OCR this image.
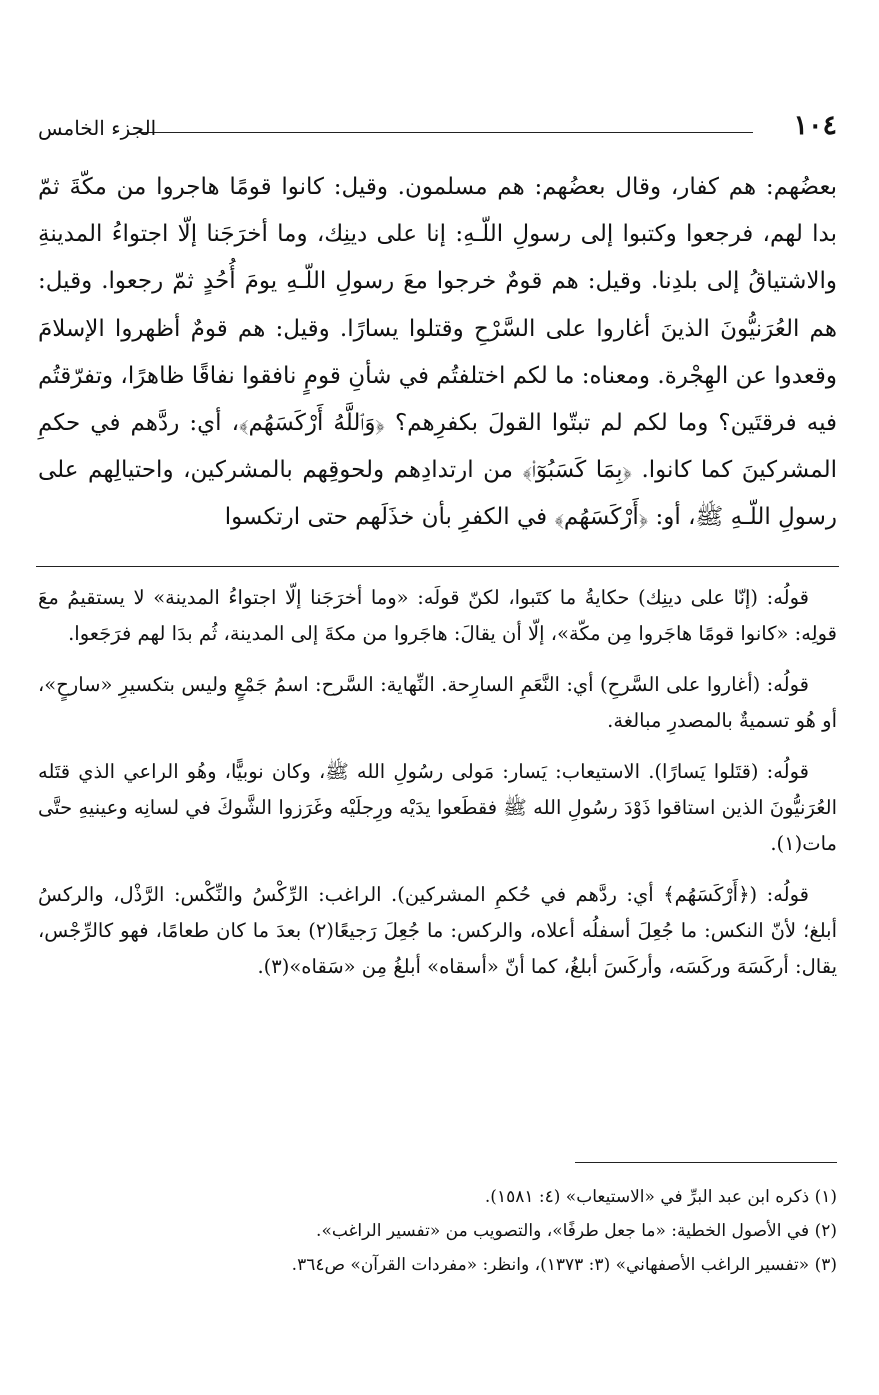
١٠٤
الجزء الخامس

بعضُهم: هم كفار، وقال بعضُهم: هم مسلمون. وقيل: كانوا قومًا هاجروا من مكّةَ ثمّ بدا لهم، فرجعوا وكتبوا إلى رسولِ اللّـهِ: إنا على دينِك، وما أخرَجَنا إلّا اجتواءُ المدينةِ والاشتياقُ إلى بلدِنا. وقيل: هم قومٌ خرجوا معَ رسولِ اللّـهِ يومَ أُحُدٍ ثمّ رجعوا. وقيل: هم العُرَنيُّونَ الذينَ أغاروا على السَّرْحِ وقتلوا يسارًا. وقيل: هم قومٌ أظهروا الإسلامَ وقعدوا عن الهِجْرة. ومعناه: ما لكم اختلفتُم في شأنِ قومٍ نافقوا نفاقًا ظاهرًا، وتفرّقتُم فيه فرقتَين؟ وما لكم لم تبتّوا القولَ بكفرِهم؟ ﴿وَٱللَّهُ أَرْكَسَهُم﴾، أي: ردَّهم في حكمِ المشركينَ كما كانوا. ﴿بِمَا كَسَبُوٓا۟﴾ من ارتدادِهم ولحوقِهم بالمشركين، واحتيالِهم على رسولِ اللّـهِ ﷺ، أو: ﴿أَرْكَسَهُم﴾ في الكفرِ بأن خذَلَهم حتى ارتكسوا

قولُه: (إنّا على دينِك) حكايةُ ما كتَبوا، لكنّ قولَه: «وما أخرَجَنا إلّا اجتواءُ المدينة» لا يستقيمُ معَ قولِه: «كانوا قومًا هاجَروا مِن مكّة»، إلّا أن يقالَ: هاجَروا من مكةَ إلى المدينة، ثُم بدَا لهم فرَجَعوا.

قولُه: (أغاروا على السَّرحِ) أي: النَّعَمِ السارِحة. النِّهاية: السَّرح: اسمُ جَمْعٍ وليس بتكسيرِ «سارحٍ»، أو هُو تسميةٌ بالمصدرِ مبالغة.

قولُه: (قتَلوا يَسارًا). الاستيعاب: يَسار: مَولى رسُولِ الله ﷺ، وكان نوبيًّا، وهُو الراعي الذي قتَله العُرَنيُّونَ الذين استاقوا ذَوْدَ رسُولِ الله ﷺ فقطَعوا يدَيْه ورِجلَيْه وغَرَزوا الشَّوكَ في لسانِه وعينيهِ حتَّى مات(١).

قولُه: (﴿أَرْكَسَهُم﴾ أي: ردَّهم في حُكمِ المشركين). الراغب: الرِّكْسُ والنِّكْس: الرَّذْل، والركسُ أبلغ؛ لأنّ النكس: ما جُعِلَ أسفلُه أعلاه، والركس: ما جُعِلَ رَجيعًا(٢) بعدَ ما كان طعامًا، فهو كالرِّجْس، يقال: أركَسَهَ وركَسَه، وأركَسَ أبلغُ، كما أنّ «أسقاه» أبلغُ مِن «سَقاه»(٣).

(١) ذكره ابن عبد البرِّ في «الاستيعاب» (٤: ١٥٨١).
(٢) في الأصول الخطية: «ما جعل طرفًا»، والتصويب من «تفسير الراغب».
(٣) «تفسير الراغب الأصفهاني» (٣: ١٣٧٣)، وانظر: «مفردات القرآن» ص٣٦٤.
